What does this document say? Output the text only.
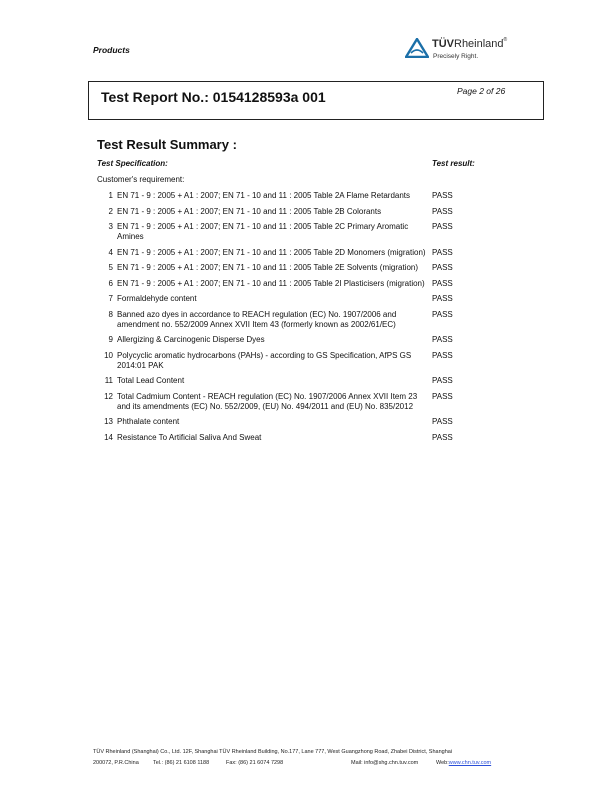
Products	TÜVRheinland®
Precisely Right.
Test Report No.: 0154128593a 001	Page 2 of 26
Test Result Summary :
Test Specification:	Test result:
Customer's requirement:
1 EN 71 - 9 : 2005 + A1 : 2007; EN 71 - 10 and 11 : 2005 Table 2A Flame Retardants	PASS
2 EN 71 - 9 : 2005 + A1 : 2007; EN 71 - 10 and 11 : 2005 Table 2B Colorants	PASS
3 EN 71 - 9 : 2005 + A1 : 2007; EN 71 - 10 and 11 : 2005 Table 2C Primary Aromatic Amines
PASS
4 EN 71 - 9 : 2005 + A1 : 2007; EN 71 - 10 and 11 : 2005 Table 2D Monomers (migration) PASS
5 EN 71 - 9 : 2005 + A1 : 2007; EN 71 - 10 and 11 : 2005 Table 2E Solvents (migration)	PASS
6 EN 71 - 9 : 2005 + A1 : 2007; EN 71 - 10 and 11 : 2005 Table 2I Plasticisers (migration) PASS
7 Formaldehyde content	PASS
8 Banned azo dyes in accordance to REACH regulation (EC) No. 1907/2006 and amendment no. 552/2009 Annex XVII Item 43 (formerly known as 2002/61/EC)
PASS
9 Allergizing & Carcinogenic Disperse Dyes	PASS
10 Polycyclic aromatic hydrocarbons (PAHs) - according to GS Specification, AfPS GS 2014:01 PAK
PASS
11 Total Lead Content	PASS
12 Total Cadmium Content - REACH regulation (EC) No. 1907/2006 Annex XVII Item 23 and its amendments (EC) No. 552/2009, (EU) No. 494/2011 and (EU) No. 835/2012
PASS
13 Phthalate content	PASS
14 Resistance To Artificial Saliva And Sweat	PASS
TÜV Rheinland (Shanghai) Co., Ltd. 12F, Shanghai TÜV Rheinland Building, No.177, Lane 777, West Guangzhong Road, Zhabei District, Shanghai
200072, P.R.China	Tel.: (86) 21 6108 1188	Fax: (86) 21 6074 7298	Mail: info@shg.chn.tuv.com	Web:www.chn.tuv.com
